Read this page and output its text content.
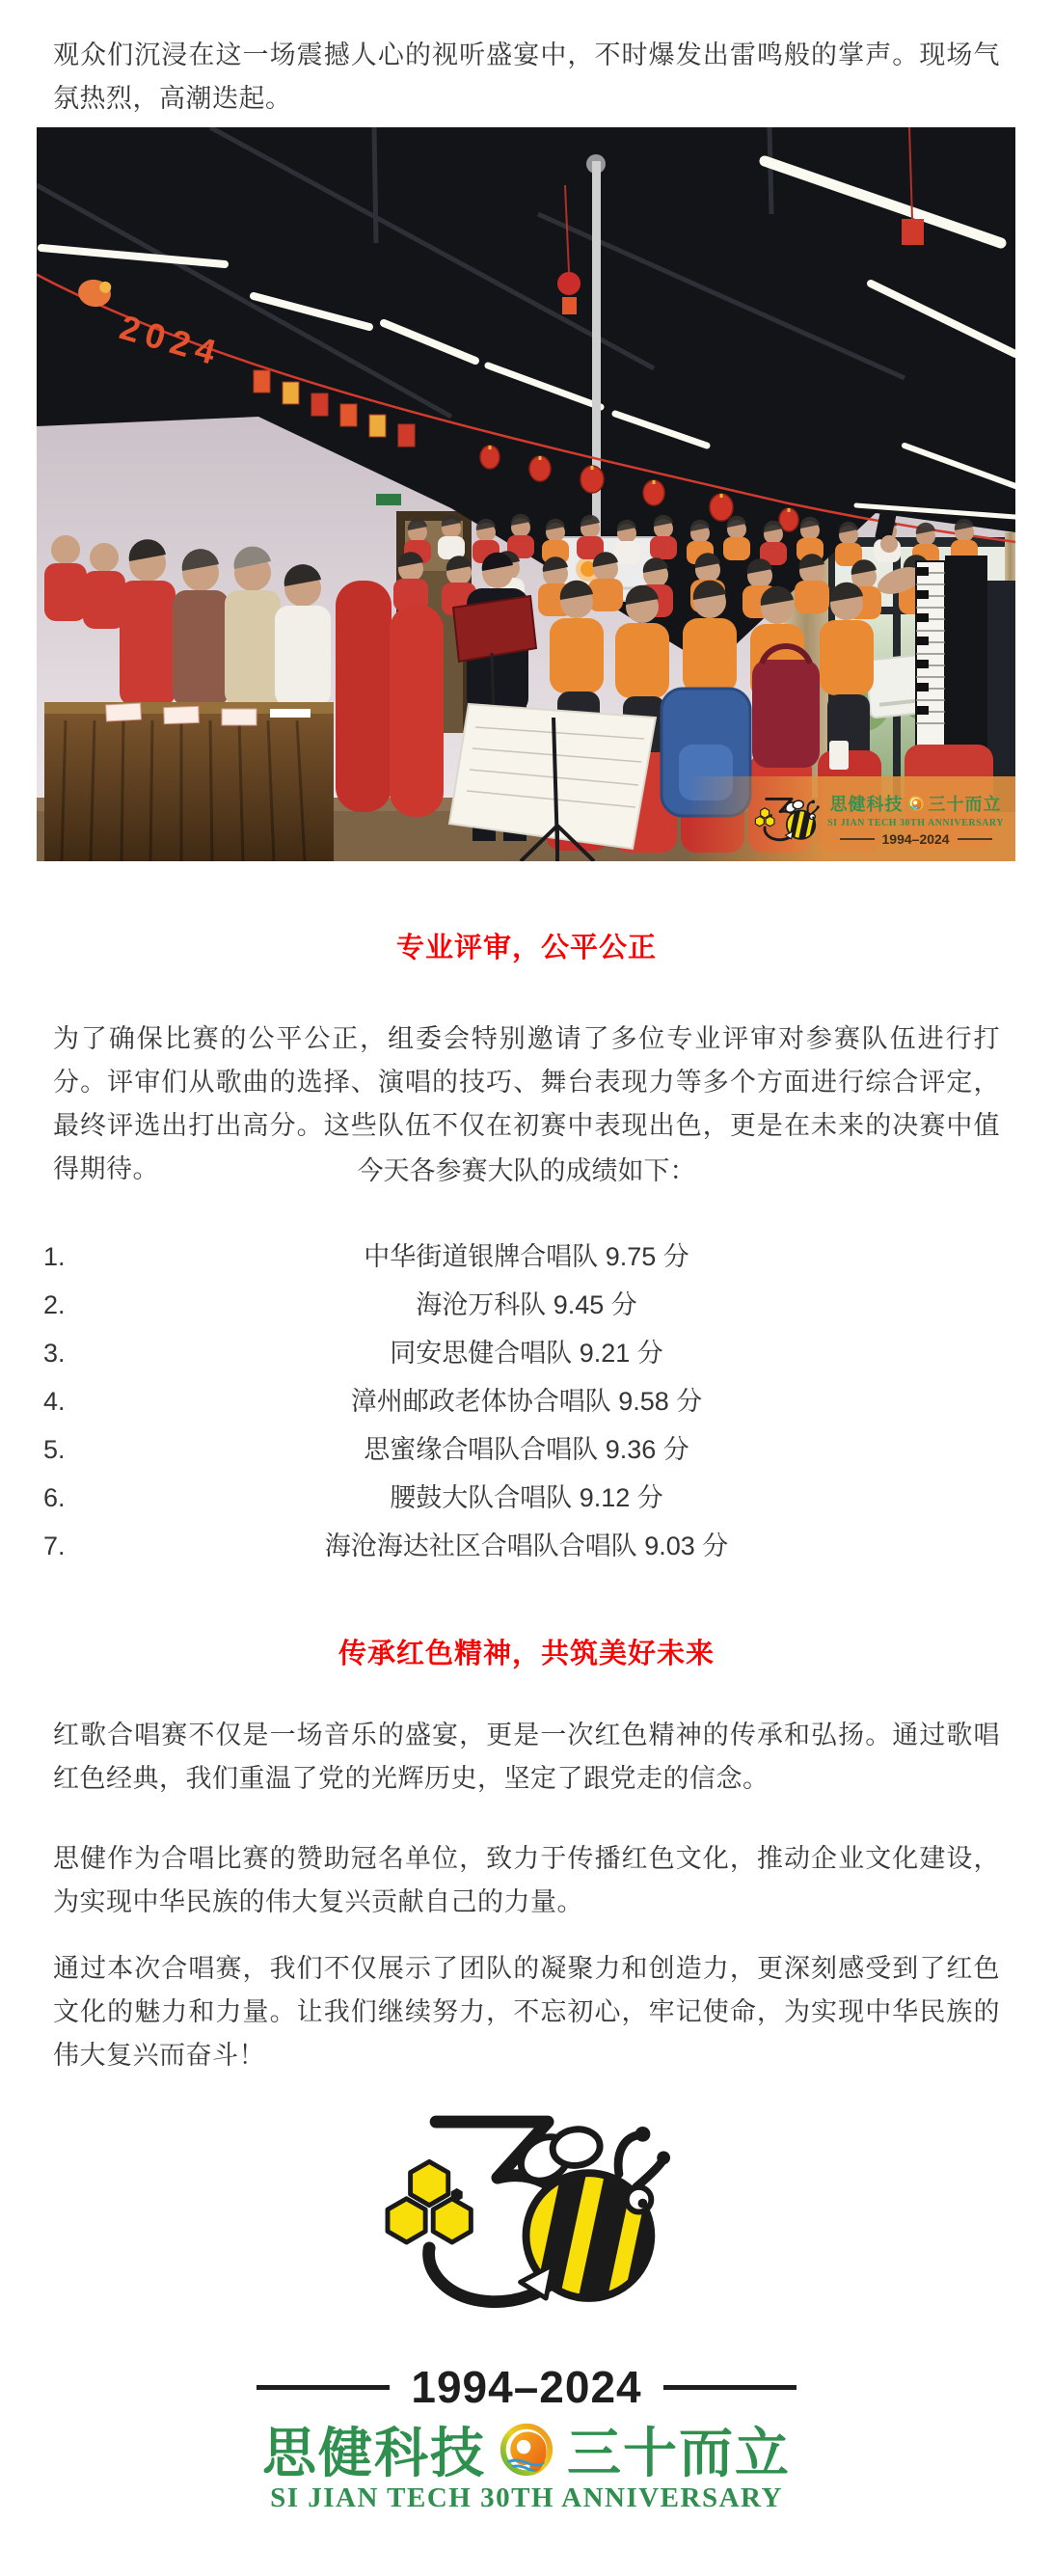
观众们沉浸在这一场震撼人心的视听盛宴中，不时爆发出雷鸣般的掌声。现场气氛热烈，高潮迭起。

2024
思健科技 三十而立
SI JIAN TECH 30TH ANNIVERSARY
1994–2024
专业评审，公平公正

为了确保比赛的公平公正，组委会特别邀请了多位专业评审对参赛队伍进行打分。评审们从歌曲的选择、演唱的技巧、舞台表现力等多个方面进行综合评定，最终评选出打出高分。这些队伍不仅在初赛中表现出色，更是在未来的决赛中值得期待。	今天各参赛大队的成绩如下：
1.	中华街道银牌合唱队 9.75 分
2.	海沧万科队 9.45 分
3.	同安思健合唱队 9.21 分
4.	漳州邮政老体协合唱队 9.58 分
5.	思蜜缘合唱队合唱队 9.36 分
6.	腰鼓大队合唱队 9.12 分
7.	海沧海达社区合唱队合唱队 9.03 分
传承红色精神，共筑美好未来

红歌合唱赛不仅是一场音乐的盛宴，更是一次红色精神的传承和弘扬。通过歌唱红色经典，我们重温了党的光辉历史，坚定了跟党走的信念。

思健作为合唱比赛的赞助冠名单位，致力于传播红色文化，推动企业文化建设，为实现中华民族的伟大复兴贡献自己的力量。

通过本次合唱赛，我们不仅展示了团队的凝聚力和创造力，更深刻感受到了红色文化的魅力和力量。让我们继续努力，不忘初心，牢记使命，为实现中华民族的伟大复兴而奋斗！

1994–2024
思健科技 三十而立
SI JIAN TECH 30TH ANNIVERSARY
